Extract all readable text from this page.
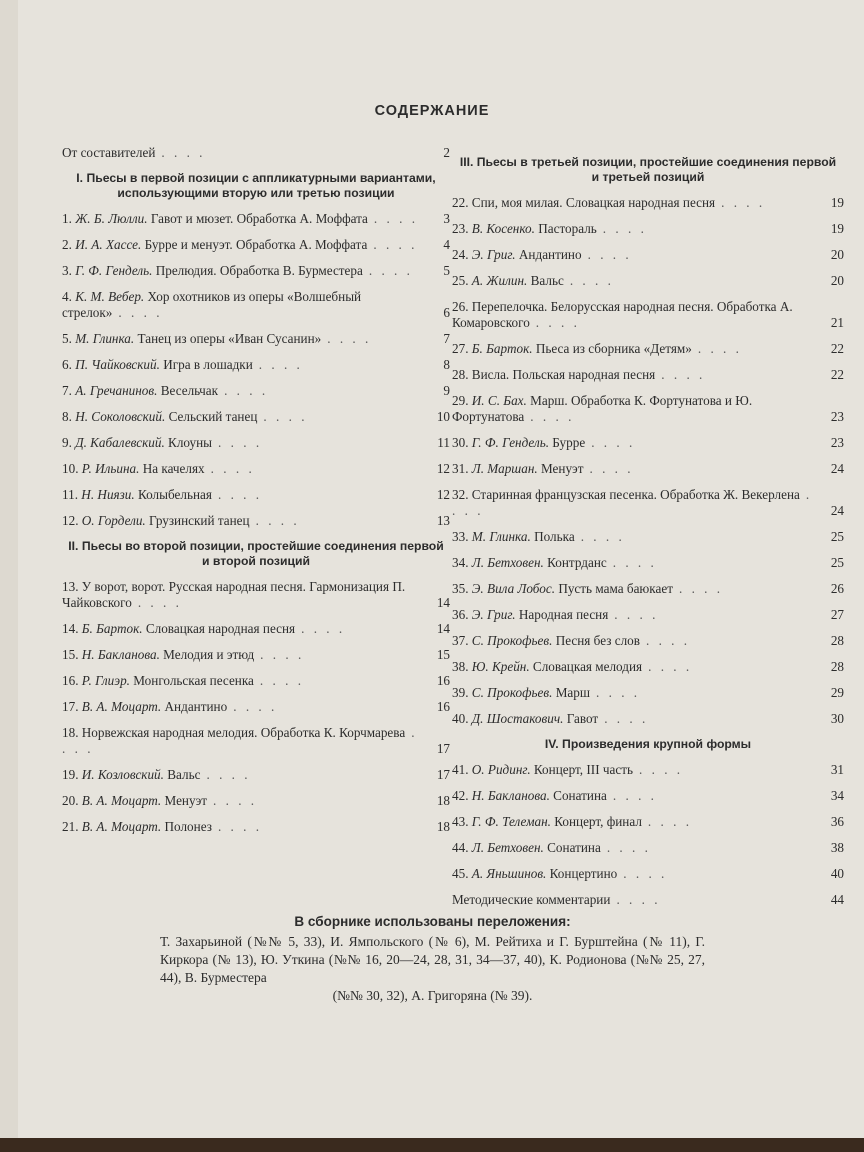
СОДЕРЖАНИЕ
От составителей . . . .	2
I. Пьесы в первой позиции с аппликатурными вариантами, использующими вторую или третью позиции
1. Ж. Б. Люлли. Гавот и мюзет. Обработка А. Моффата . . . .	3
2. И. А. Хассе. Бурре и менуэт. Обработка А. Моффата . . . .	4
3. Г. Ф. Гендель. Прелюдия. Обработка В. Бурместера . . . .	5
4. К. М. Вебер. Хор охотников из оперы «Волшебный стрелок» . . . .	6
5. М. Глинка. Танец из оперы «Иван Сусанин» . . . .	7
6. П. Чайковский. Игра в лошадки . . . .	8
7. А. Гречанинов. Весельчак . . . .	9
8. Н. Соколовский. Сельский танец . . . .	10
9. Д. Кабалевский. Клоуны . . . .	11
10. Р. Ильина. На качелях . . . .	12
11. Н. Ниязи. Колыбельная . . . .	12
12. О. Гордели. Грузинский танец . . . .	13
II. Пьесы во второй позиции, простейшие соединения первой и второй позиций
13. У ворот, ворот. Русская народная песня. Гармонизация П. Чайковского . . . .	14
14. Б. Барток. Словацкая народная песня . . . .	14
15. Н. Бакланова. Мелодия и этюд . . . .	15
16. Р. Глиэр. Монгольская песенка . . . .	16
17. В. А. Моцарт. Андантино . . . .	16
18. Норвежская народная мелодия. Обработка К. Корчмарева . . . .	17
19. И. Козловский. Вальс . . . .	17
20. В. А. Моцарт. Менуэт . . . .	18
21. В. А. Моцарт. Полонез . . . .	18
III. Пьесы в третьей позиции, простейшие соединения первой и третьей позиций
22. Спи, моя милая. Словацкая народная песня . . . .	19
23. В. Косенко. Пастораль . . . .	19
24. Э. Григ. Андантино . . . .	20
25. А. Жилин. Вальс . . . .	20
26. Перепелочка. Белорусская народная песня. Обработка А. Комаровского . . . .	21
27. Б. Барток. Пьеса из сборника «Детям» . . . .	22
28. Висла. Польская народная песня . . . .	22
29. И. С. Бах. Марш. Обработка К. Фортунатова и Ю. Фортунатова . . . .	23
30. Г. Ф. Гендель. Бурре . . . .	23
31. Л. Маршан. Менуэт . . . .	24
32. Старинная французская песенка. Обработка Ж. Векерлена . . . .	24
33. М. Глинка. Полька . . . .	25
34. Л. Бетховен. Контрданс . . . .	25
35. Э. Вила Лобос. Пусть мама баюкает . . . .	26
36. Э. Григ. Народная песня . . . .	27
37. С. Прокофьев. Песня без слов . . . .	28
38. Ю. Крейн. Словацкая мелодия . . . .	28
39. С. Прокофьев. Марш . . . .	29
40. Д. Шостакович. Гавот . . . .	30
IV. Произведения крупной формы
41. О. Ридинг. Концерт, III часть . . . .	31
42. Н. Бакланова. Сонатина . . . .	34
43. Г. Ф. Телеман. Концерт, финал . . . .	36
44. Л. Бетховен. Сонатина . . . .	38
45. А. Яньшинов. Концертино . . . .	40
Методические комментарии . . . .	44
В сборнике использованы переложения:
Т. Захарьиной (№№ 5, 33), И. Ямпольского (№ 6), М. Рейтиха и Г. Бурштейна (№ 11), Г. Киркора (№ 13), Ю. Уткина (№№ 16, 20—24, 28, 31, 34—37, 40), К. Родионова (№№ 25, 27, 44), В. Бурместера
(№№ 30, 32), А. Григоряна (№ 39).
